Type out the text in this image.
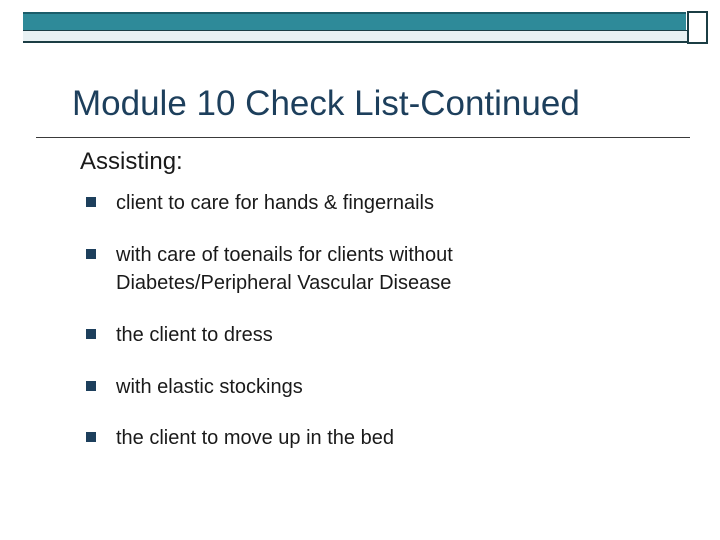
Module 10 Check List-Continued
Assisting:
client to care for hands & fingernails
with care of toenails for clients without
Diabetes/Peripheral Vascular Disease
the client to dress
with elastic stockings
the client to move up in the bed
